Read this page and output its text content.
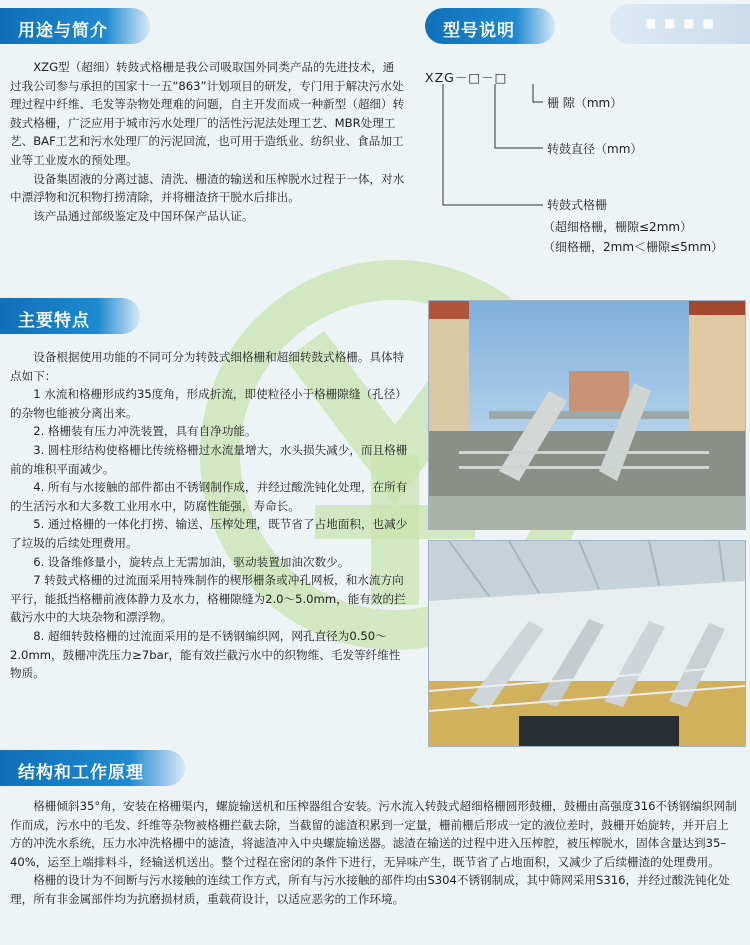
■ ■ ■ ■
用途与简介

XZG型（超细）转鼓式格栅是我公司吸取国外同类产品的先进技术，通过我公司参与承担的国家十一五“863”计划项目的研发，专门用于解决污水处理过程中纤维、毛发等杂物处理难的问题，自主开发而成一种新型（超细）转鼓式格栅，广泛应用于城市污水处理厂的活性污泥法处理工艺、MBR处理工艺、BAF工艺和污水处理厂的污泥回流，也可用于造纸业、纺织业、食品加工业等工业废水的预处理。

设备集固液的分离过滤、清洗、栅渣的输送和压榨脱水过程于一体，对水中漂浮物和沉积物打捞清除，并将栅渣挤干脱水后排出。

该产品通过部级鉴定及中国环保产品认证。

型号说明
XZG－□－□
栅 隙（mm）
转鼓直径（mm）
转鼓式格栅
（超细格栅，栅隙≤2mm）
（细格栅，2mm＜栅隙≤5mm）
主要特点

设备根据使用功能的不同可分为转鼓式细格栅和超细转鼓式格栅。具体特点如下：

1 水流和格栅形成约35度角，形成折流，即使粒径小于格栅隙缝（孔径）的杂物也能被分离出来。

2. 格栅装有压力冲洗装置，具有自净功能。

3. 圆柱形结构使格栅比传统格栅过水流量增大，水头损失减少，而且格栅前的堆积平面减少。

4. 所有与水接触的部件都由不锈钢制作成，并经过酸洗钝化处理，在所有的生活污水和大多数工业用水中，防腐性能强，寿命长。

5. 通过格栅的一体化打捞、输送、压榨处理，既节省了占地面积，也减少了垃圾的后续处理费用。

6. 设备维修量小，旋转点上无需加油，驱动装置加油次数少。

7 转鼓式格栅的过流面采用特殊制作的楔形栅条或冲孔网板，和水流方向平行，能抵挡格栅前液体静力及水力，格栅隙缝为2.0～5.0mm，能有效的拦截污水中的大块杂物和漂浮物。

8. 超细转鼓格栅的过流面采用的是不锈钢编织网，网孔直径为0.50～2.0mm，鼓栅冲洗压力≥7bar，能有效拦截污水中的织物维、毛发等纤维性物质。

结构和工作原理

格栅倾斜35°角，安装在格栅渠内，螺旋输送机和压榨器组合安装。污水流入转鼓式超细格栅圆形鼓栅，鼓栅由高强度316不锈钢编织网制作而成，污水中的毛发、纤维等杂物被格栅拦截去除，当截留的滤渣积累到一定量，栅前栅后形成一定的液位差时，鼓栅开始旋转，并开启上方的冲洗水系统，压力水冲洗格栅中的滤渣，将滤渣冲入中央螺旋输送器。滤渣在输送的过程中进入压榨腔，被压榨脱水，固体含量达到35–40%，运至上端排料斗，经输送机送出。整个过程在密闭的条件下进行，无异味产生，既节省了占地面积，又减少了后续栅渣的处理费用。

格栅的设计为不间断与污水接触的连续工作方式，所有与污水接触的部件均由S304不锈钢制成，其中筛网采用S316，并经过酸洗钝化处理，所有非金属部件均为抗磨损材质，重载荷设计，以适应恶劣的工作环境。
